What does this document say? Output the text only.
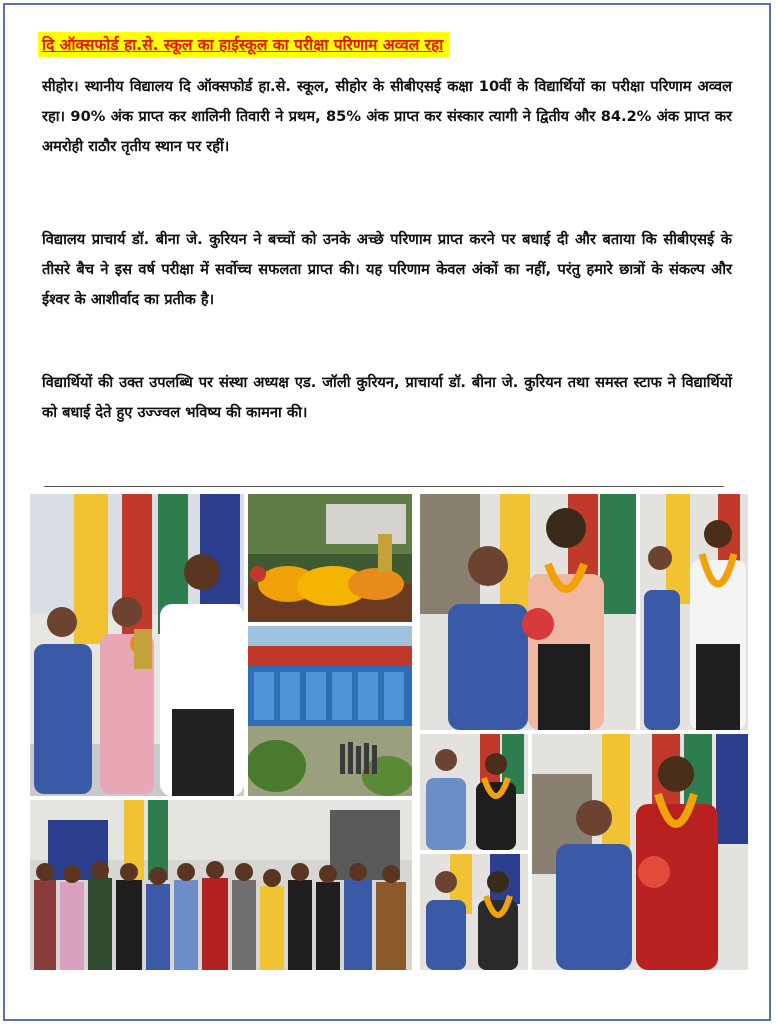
दि ऑक्सफोर्ड हा.से. स्कूल का हाईस्कूल का परीक्षा परिणाम अव्वल रहा

सीहोर। स्थानीय विद्यालय दि ऑक्सफोर्ड हा.से. स्कूल, सीहोर के सीबीएसई कक्षा 10वीं के विद्यार्थियों का परीक्षा परिणाम अव्वल रहा। 90% अंक प्राप्त कर शालिनी तिवारी ने प्रथम, 85% अंक प्राप्त कर संस्कार त्यागी ने द्वितीय और 84.2% अंक प्राप्त कर अमरोही राठौर तृतीय स्थान पर रहीं।

विद्यालय प्राचार्य डॉ. बीना जे. कुरियन ने बच्चों को उनके अच्छे परिणाम प्राप्त करने पर बधाई दी और बताया कि सीबीएसई के तीसरे बैच ने इस वर्ष परीक्षा में सर्वोच्च सफलता प्राप्त की। यह परिणाम केवल अंकों का नहीं, परंतु हमारे छात्रों के संकल्प और ईश्वर के आशीर्वाद का प्रतीक है।

विद्यार्थियों की उक्त उपलब्धि पर संस्था अध्यक्ष एड. जॉली कुरियन, प्राचार्या डॉ. बीना जे. कुरियन तथा समस्त स्टाफ ने विद्यार्थियों को बधाई देते हुए उज्ज्वल भविष्य की कामना की।
